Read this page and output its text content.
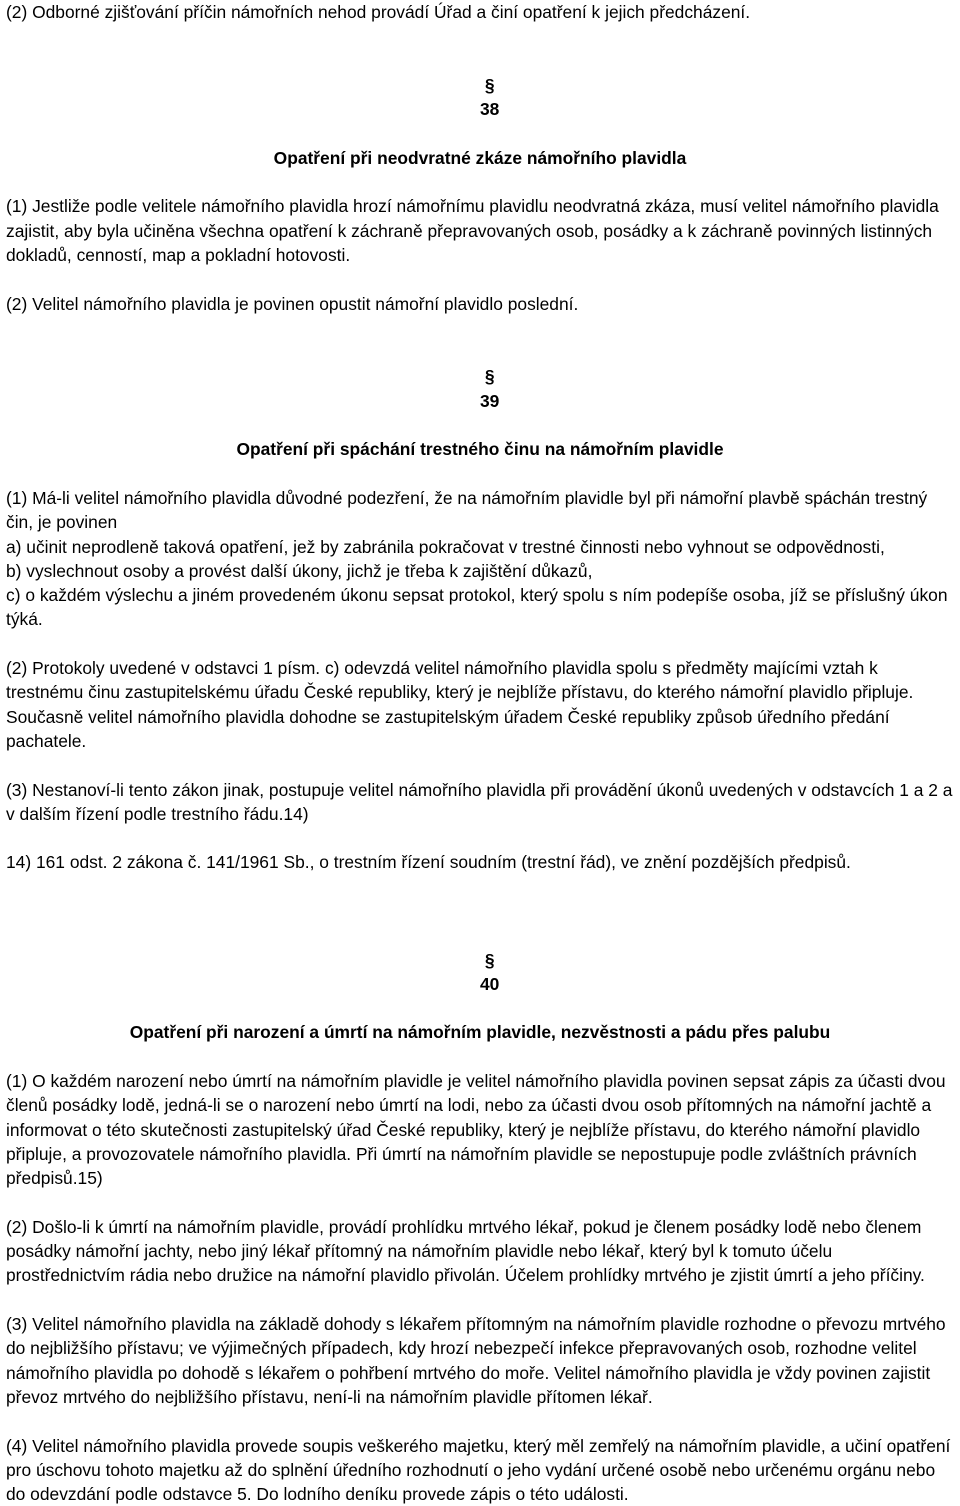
(2) Odborné zjišťování příčin námořních nehod provádí Úřad a činí opatření k jejich předcházení.

§
38

Opatření při neodvratné zkáze námořního plavidla

(1) Jestliže podle velitele námořního plavidla hrozí námořnímu plavidlu neodvratná zkáza, musí velitel námořního plavidla zajistit, aby byla učiněna všechna opatření k záchraně přepravovaných osob, posádky a k záchraně povinných listinných dokladů, cenností, map a pokladní hotovosti.

(2) Velitel námořního plavidla je povinen opustit námořní plavidlo poslední.

§
39

Opatření při spáchání trestného činu na námořním plavidle

(1) Má-li velitel námořního plavidla důvodné podezření, že na námořním plavidle byl při námořní plavbě spáchán trestný čin, je povinen

a) učinit neprodleně taková opatření, jež by zabránila pokračovat v trestné činnosti nebo vyhnout se odpovědnosti,

b) vyslechnout osoby a provést další úkony, jichž je třeba k zajištění důkazů,

c) o každém výslechu a jiném provedeném úkonu sepsat protokol, který spolu s ním podepíše osoba, jíž se příslušný úkon týká.

(2) Protokoly uvedené v odstavci 1 písm. c) odevzdá velitel námořního plavidla spolu s předměty majícími vztah k trestnému činu zastupitelskému úřadu České republiky, který je nejblíže přístavu, do kterého námořní plavidlo připluje. Současně velitel námořního plavidla dohodne se zastupitelským úřadem České republiky způsob úředního předání pachatele.

(3) Nestanoví-li tento zákon jinak, postupuje velitel námořního plavidla při provádění úkonů uvedených v odstavcích 1 a 2 a v dalším řízení podle trestního řádu.14)

14) 161 odst. 2 zákona č. 141/1961 Sb., o trestním řízení soudním (trestní řád), ve znění pozdějších předpisů.

§
40

Opatření při narození a úmrtí na námořním plavidle, nezvěstnosti a pádu přes palubu

(1) O každém narození nebo úmrtí na námořním plavidle je velitel námořního plavidla povinen sepsat zápis za účasti dvou členů posádky lodě, jedná-li se o narození nebo úmrtí na lodi, nebo za účasti dvou osob přítomných na námořní jachtě a informovat o této skutečnosti zastupitelský úřad České republiky, který je nejblíže přístavu, do kterého námořní plavidlo připluje, a provozovatele námořního plavidla. Při úmrtí na námořním plavidle se nepostupuje podle zvláštních právních předpisů.15)

(2) Došlo-li k úmrtí na námořním plavidle, provádí prohlídku mrtvého lékař, pokud je členem posádky lodě nebo členem posádky námořní jachty, nebo jiný lékař přítomný na námořním plavidle nebo lékař, který byl k tomuto účelu prostřednictvím rádia nebo družice na námořní plavidlo přivolán. Účelem prohlídky mrtvého je zjistit úmrtí a jeho příčiny.

(3) Velitel námořního plavidla na základě dohody s lékařem přítomným na námořním plavidle rozhodne o převozu mrtvého do nejbližšího přístavu; ve výjimečných případech, kdy hrozí nebezpečí infekce přepravovaných osob, rozhodne velitel námořního plavidla po dohodě s lékařem o pohřbení mrtvého do moře. Velitel námořního plavidla je vždy povinen zajistit převoz mrtvého do nejbližšího přístavu, není-li na námořním plavidle přítomen lékař.

(4) Velitel námořního plavidla provede soupis veškerého majetku, který měl zemřelý na námořním plavidle, a učiní opatření pro úschovu tohoto majetku až do splnění úředního rozhodnutí o jeho vydání určené osobě nebo určenému orgánu nebo do odevzdání podle odstavce 5. Do lodního deníku provede zápis o této události.
